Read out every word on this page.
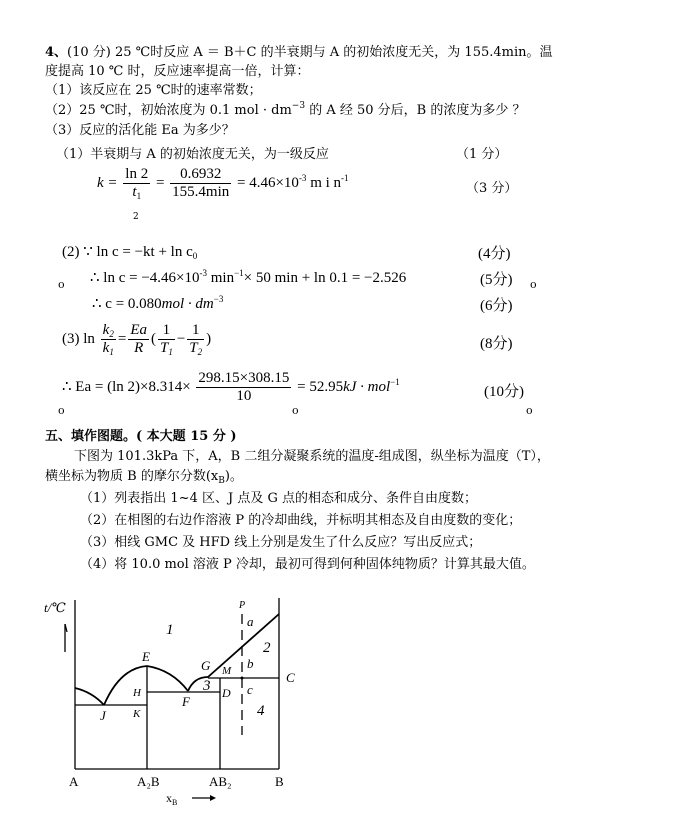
4、(10 分) 25 ℃时反应 A ＝ B＋C 的半衰期与 A 的初始浓度无关，为 155.4min。温
度提高 10 ℃ 时，反应速率提高一倍，计算：
（1）该反应在 25 ℃时的速率常数；
（2）25 ℃时，初始浓度为 0.1 mol · $dm^{-3}$ 的 A 经 50 分后，B 的浓度为多少 ？
（3）反应的活化能 Ea 为多少？
（1）半衰期与 A 的初始浓度无关，为一级反应	（1 分）
$k = \frac{\ln 2}{t_1} = \frac{0.6932}{155.4\min} = 4.46\times 10^{-3}$ m i $n^{-1}$
2
（3 分）
(2) ∵ $\ln c = -kt + \ln c_0$	(4分)
o ∴ $\ln c = -4.46\times 10^{-3}$ $\min^{-1}\times 50$ min + ln 0.1 = −2.526	(5分) o
∴ $c = 0.080mol \cdot dm^{-3}$	(6分)
(3) $\ln \frac{k_2}{k_1} = \frac{Ea}{R}$ ( $\frac{1}{T_1} - \frac{1}{T_2}$ )	(8分)
∴ Ea = (ln $2)\times 8.314\times \frac{298.15\times 308.15}{10} = 52.95kJ \cdot mol^{-1}$
(10分)
o	o	o
五、填作图题。( 本大题 15 分 )
下图为 101.3kPa 下，A，B 二组分凝聚系统的温度-组成图，纵坐标为温度（T），
横坐标为物质 B 的摩尔分数$(x_B)$。
（1）列表指出 1~4 区、J 点及 G 点的相态和成分、条件自由度数；
（2）在相图的右边作溶液 P 的冷却曲线，并标明其相态及自由度数的变化；
（3）相线 GMC 及 HFD 线上分别是发生了什么反应？写出反应式；
（4）将 10.0 mol 溶液 P 冷却，最初可得到何种固体纯物质？计算其最大值。
t/℃
1
2
3
4
E
H
J K
F
G M
D
P
a
b
c
C
A	A₂B	AB₂	B
$x_B$
